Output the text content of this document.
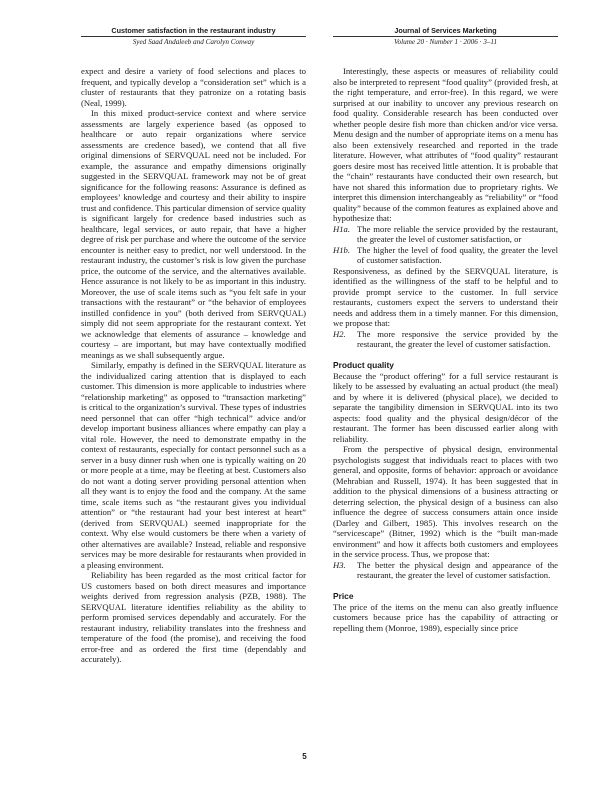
Customer satisfaction in the restaurant industry
Syed Saad Andaleeb and Carolyn Conway
Journal of Services Marketing
Volume 20 · Number 1 · 2006 · 3–11

expect and desire a variety of food selections and places to frequent, and typically develop a “consideration set” which is a cluster of restaurants that they patronize on a rotating basis (Neal, 1999).

In this mixed product-service context and where service assessments are largely experience based (as opposed to healthcare or auto repair organizations where service assessments are credence based), we contend that all five original dimensions of SERVQUAL need not be included. For example, the assurance and empathy dimensions originally suggested in the SERVQUAL framework may not be of great significance for the following reasons: Assurance is defined as employees’ knowledge and courtesy and their ability to inspire trust and confidence. This particular dimension of service quality is significant largely for credence based industries such as healthcare, legal services, or auto repair, that have a higher degree of risk per purchase and where the outcome of the service encounter is neither easy to predict, nor well understood. In the restaurant industry, the customer’s risk is low given the purchase price, the outcome of the service, and the alternatives available. Hence assurance is not likely to be as important in this industry. Moreover, the use of scale items such as “you felt safe in your transactions with the restaurant” or “the behavior of employees instilled confidence in you” (both derived from SERVQUAL) simply did not seem appropriate for the restaurant context. Yet we acknowledge that elements of assurance – knowledge and courtesy – are important, but may have contextually modified meanings as we shall subsequently argue.

Similarly, empathy is defined in the SERVQUAL literature as the individualized caring attention that is displayed to each customer. This dimension is more applicable to industries where “relationship marketing” as opposed to “transaction marketing” is critical to the organization’s survival. These types of industries need personnel that can offer “high technical” advice and/or develop important business alliances where empathy can play a vital role. However, the need to demonstrate empathy in the context of restaurants, especially for contact personnel such as a server in a busy dinner rush when one is typically waiting on 20 or more people at a time, may be fleeting at best. Customers also do not want a doting server providing personal attention when all they want is to enjoy the food and the company. At the same time, scale items such as “the restaurant gives you individual attention” or “the restaurant had your best interest at heart” (derived from SERVQUAL) seemed inappropriate for the context. Why else would customers be there when a variety of other alternatives are available? Instead, reliable and responsive services may be more desirable for restaurants when provided in a pleasing environment.

Reliability has been regarded as the most critical factor for US customers based on both direct measures and importance weights derived from regression analysis (PZB, 1988). The SERVQUAL literature identifies reliability as the ability to perform promised services dependably and accurately. For the restaurant industry, reliability translates into the freshness and temperature of the food (the promise), and receiving the food error-free and as ordered the first time (dependably and accurately).

Interestingly, these aspects or measures of reliability could also be interpreted to represent “food quality” (provided fresh, at the right temperature, and error-free). In this regard, we were surprised at our inability to uncover any previous research on food quality. Considerable research has been conducted over whether people desire fish more than chicken and/or vice versa. Menu design and the number of appropriate items on a menu has also been extensively researched and reported in the trade literature. However, what attributes of “food quality” restaurant goers desire most has received little attention. It is probable that the “chain” restaurants have conducted their own research, but have not shared this information due to proprietary rights. We interpret this dimension interchangeably as “reliability” or “food quality” because of the common features as explained above and hypothesize that:

H1a. The more reliable the service provided by the restaurant, the greater the level of customer satisfaction, or
H1b. The higher the level of food quality, the greater the level of customer satisfaction.

Responsiveness, as defined by the SERVQUAL literature, is identified as the willingness of the staff to be helpful and to provide prompt service to the customer. In full service restaurants, customers expect the servers to understand their needs and address them in a timely manner. For this dimension, we propose that:

H2.	The more responsive the service provided by the restaurant, the greater the level of customer satisfaction.
Product quality

Because the “product offering” for a full service restaurant is likely to be assessed by evaluating an actual product (the meal) and by where it is delivered (physical place), we decided to separate the tangibility dimension in SERVQUAL into its two aspects: food quality and the physical design/décor of the restaurant. The former has been discussed earlier along with reliability.

From the perspective of physical design, environmental psychologists suggest that individuals react to places with two general, and opposite, forms of behavior: approach or avoidance (Mehrabian and Russell, 1974). It has been suggested that in addition to the physical dimensions of a business attracting or deterring selection, the physical design of a business can also influence the degree of success consumers attain once inside (Darley and Gilbert, 1985). This involves research on the “servicescape” (Bitner, 1992) which is the “built man-made environment” and how it affects both customers and employees in the service process. Thus, we propose that:

H3.	The better the physical design and appearance of the restaurant, the greater the level of customer satisfaction.
Price

The price of the items on the menu can also greatly influence customers because price has the capability of attracting or repelling them (Monroe, 1989), especially since price

5
